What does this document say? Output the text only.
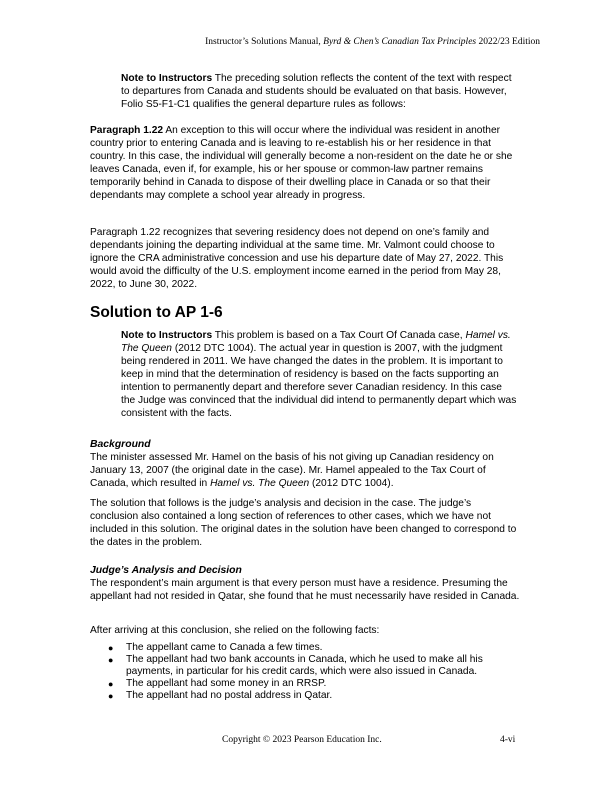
Instructor’s Solutions Manual, Byrd & Chen’s Canadian Tax Principles 2022/23 Edition
Note to Instructors The preceding solution reflects the content of the text with respect to departures from Canada and students should be evaluated on that basis. However, Folio S5-F1-C1 qualifies the general departure rules as follows:
Paragraph 1.22 An exception to this will occur where the individual was resident in another country prior to entering Canada and is leaving to re-establish his or her residence in that country. In this case, the individual will generally become a non-resident on the date he or she leaves Canada, even if, for example, his or her spouse or common-law partner remains temporarily behind in Canada to dispose of their dwelling place in Canada or so that their dependants may complete a school year already in progress.
Paragraph 1.22 recognizes that severing residency does not depend on one’s family and dependants joining the departing individual at the same time. Mr. Valmont could choose to ignore the CRA administrative concession and use his departure date of May 27, 2022. This would avoid the difficulty of the U.S. employment income earned in the period from May 28, 2022, to June 30, 2022.
Solution to AP 1-6
Note to Instructors This problem is based on a Tax Court Of Canada case, Hamel vs. The Queen (2012 DTC 1004). The actual year in question is 2007, with the judgment being rendered in 2011. We have changed the dates in the problem. It is important to keep in mind that the determination of residency is based on the facts supporting an intention to permanently depart and therefore sever Canadian residency. In this case the Judge was convinced that the individual did intend to permanently depart which was consistent with the facts.
Background
The minister assessed Mr. Hamel on the basis of his not giving up Canadian residency on January 13, 2007 (the original date in the case). Mr. Hamel appealed to the Tax Court of Canada, which resulted in Hamel vs. The Queen (2012 DTC 1004).
The solution that follows is the judge’s analysis and decision in the case. The judge’s conclusion also contained a long section of references to other cases, which we have not included in this solution. The original dates in the solution have been changed to correspond to the dates in the problem.
Judge’s Analysis and Decision
The respondent’s main argument is that every person must have a residence. Presuming the appellant had not resided in Qatar, she found that he must necessarily have resided in Canada.
After arriving at this conclusion, she relied on the following facts:
● The appellant came to Canada a few times.
● The appellant had two bank accounts in Canada, which he used to make all his payments, in particular for his credit cards, which were also issued in Canada.
● The appellant had some money in an RRSP.
● The appellant had no postal address in Qatar.
Copyright © 2023 Pearson Education Inc.	4-vi
